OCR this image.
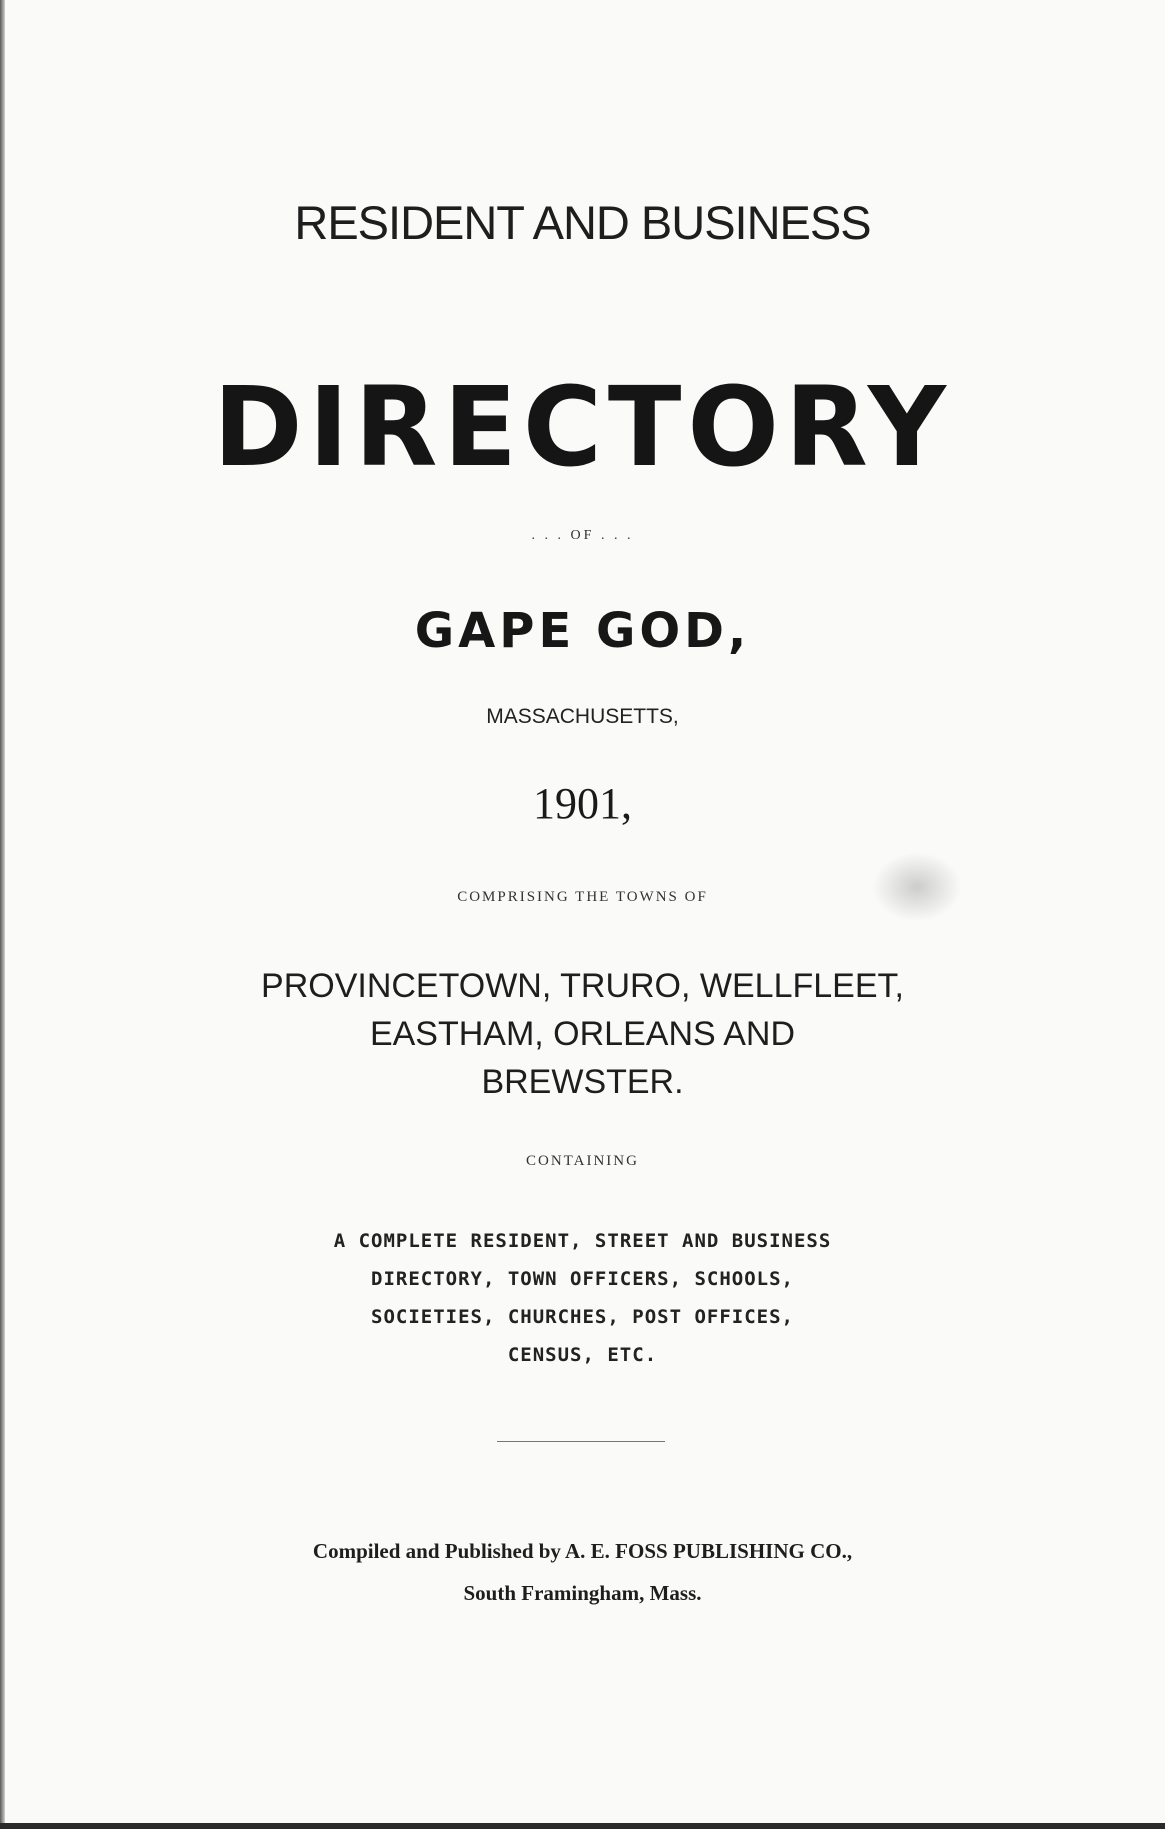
RESIDENT AND BUSINESS
DIRECTORY
. . . OF . . .
GAPE GOD,
MASSACHUSETTS,
1901,
COMPRISING THE TOWNS OF
PROVINCETOWN, TRURO, WELLFLEET,
EASTHAM, ORLEANS AND
BREWSTER.
CONTAINING
A COMPLETE RESIDENT, STREET AND BUSINESS
DIRECTORY, TOWN OFFICERS, SCHOOLS,
SOCIETIES, CHURCHES, POST OFFICES,
CENSUS, ETC.
Compiled and Published by A. E. FOSS PUBLISHING CO.,
South Framingham, Mass.
